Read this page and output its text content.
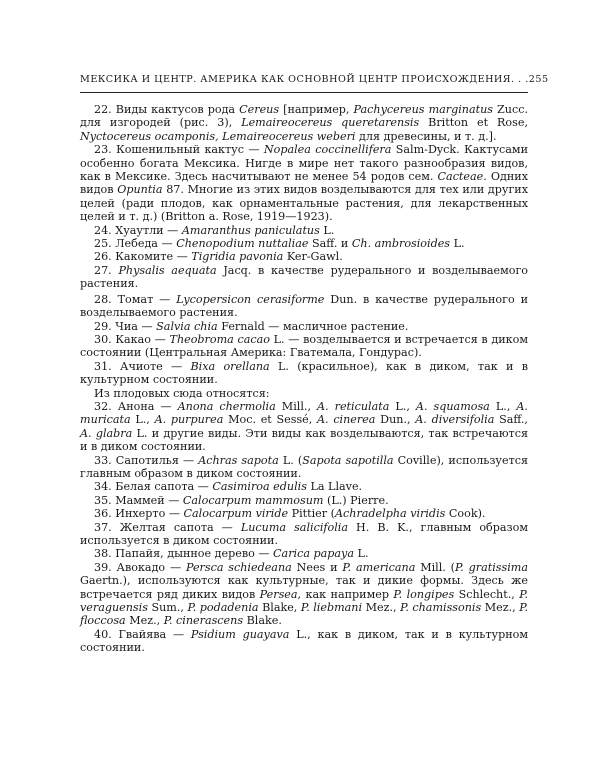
МЕКСИКА И ЦЕНТР. АМЕРИКА КАК ОСНОВНОЙ ЦЕНТР ПРОИСХОЖДЕНИЯ. . . 255

22. Виды кактусов рода Cereus [например, Pachycereus marginatus Zucc. для изгородей (рис. 3), Lemaireocereus queretarensis Britton et Rose, Nyctocereus ocamponis, Lemaireocereus weberi для древесины, и т. д.].

23. Кошенильный кактус — Nopalea coccinellifera Salm-Dyck. Кактусами особенно богата Мексика. Нигде в мире нет такого разнообразия видов, как в Мексике. Здесь насчитывают не менее 54 родов сем. Cacteae. Одних видов Opuntia 87. Многие из этих видов возделываются для тех или других целей (ради плодов, как орнаментальные растения, для лекарственных целей и т. д.) (Britton a. Rose, 1919—1923).

24. Хуаутли — Amaranthus paniculatus L.

25. Лебеда — Chenopodium nuttaliae Saff. и Ch. ambrosioides L.

26. Какомите — Tigridia pavonia Ker-Gawl.

27. Physalis aequata Jacq. в качестве рудерального и возделываемого растения.

28. Томат — Lycopersicon cerasiforme Dun. в качестве рудерального и возделываемого растения.

29. Чиа — Salvia chia Fernald — масличное растение.

30. Какао — Theobroma cacao L. — возделывается и встречается в диком состоянии (Центральная Америка: Гватемала, Гондурас).

31. Ачиоте — Bixa orellana L. (красильное), как в диком, так и в культурном состоянии.

Из плодовых сюда относятся:

32. Анона — Anona chermolia Mill., A. reticulata L., A. squamosa L., A. muricata L., A. purpurea Moc. et Sessé, A. cinerea Dun., A. diversifolia Saff., A. glabra L. и другие виды. Эти виды как возделываются, так встречаются и в диком состоянии.

33. Сапотилья — Achras sapota L. (Sapota sapotilla Coville), используется главным образом в диком состоянии.

34. Белая сапота — Casimiroa edulis La Llave.

35. Маммей — Calocarpum mammosum (L.) Pierre.

36. Инхерто — Calocarpum viride Pittier (Achradelpha viridis Cook).

37. Желтая сапота — Lucuma salicifolia H. B. K., главным образом используется в диком состоянии.

38. Папайя, дынное дерево — Carica papaya L.

39. Авокадо — Persca schiedeana Nees и P. americana Mill. (P. gratissima Gaertn.), используются как культурные, так и дикие формы. Здесь же встречается ряд диких видов Persea, как например P. longipes Schlecht., P. veraguensis Sum., P. podadenia Blake, P. liebmani Mez., P. chamissonis Mez., P. floccosa Mez., P. cinerascens Blake.

40. Гвайява — Psidium guayava L., как в диком, так и в культурном состоянии.
